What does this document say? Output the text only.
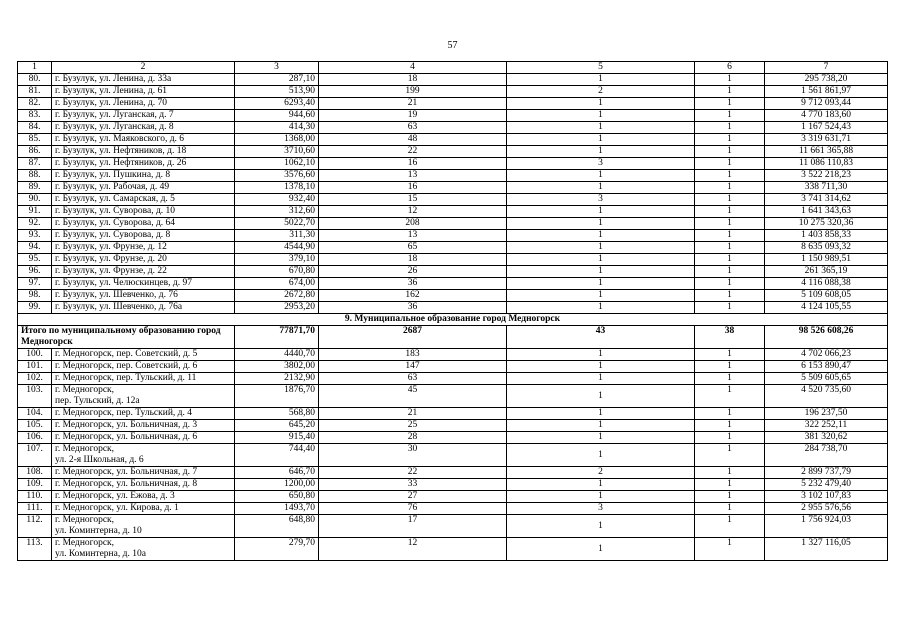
57
1	2	3	4	5	6	7
80.	г. Бузулук, ул. Ленина, д. 33а	287,10	18	1	1	295 738,20
81.	г. Бузулук, ул. Ленина, д. 61	513,90	199	2	1	1 561 861,97
82.	г. Бузулук, ул. Ленина, д. 70	6293,40	21	1	1	9 712 093,44
83.	г. Бузулук, ул. Луганская, д. 7	944,60	19	1	1	4 770 183,60
84.	г. Бузулук, ул. Луганская, д. 8	414,30	63	1	1	1 167 524,43
85.	г. Бузулук, ул. Маяковского, д. 6	1368,00	48	1	1	3 319 631,71
86.	г. Бузулук, ул. Нефтяников, д. 18	3710,60	22	1	1	11 661 365,88
87.	г. Бузулук, ул. Нефтяников, д. 26	1062,10	16	3	1	11 086 110,83
88.	г. Бузулук, ул. Пушкина, д. 8	3576,60	13	1	1	3 522 218,23
89.	г. Бузулук, ул. Рабочая, д. 49	1378,10	16	1	1	338 711,30
90.	г. Бузулук, ул. Самарская, д. 5	932,40	15	3	1	3 741 314,62
91.	г. Бузулук, ул. Суворова, д. 10	312,60	12	1	1	1 641 343,63
92.	г. Бузулук, ул. Суворова, д. 64	5022,70	208	1	1	10 275 320,36
93.	г. Бузулук, ул. Суворова, д. 8	311,30	13	1	1	1 403 858,33
94.	г. Бузулук, ул. Фрунзе, д. 12	4544,90	65	1	1	8 635 093,32
95.	г. Бузулук, ул. Фрунзе, д. 20	379,10	18	1	1	1 150 989,51
96.	г. Бузулук, ул. Фрунзе, д. 22	670,80	26	1	1	261 365,19
97.	г. Бузулук, ул. Челюскинцев, д. 97	674,00	36	1	1	4 116 088,38
98.	г. Бузулук, ул. Шевченко, д. 76	2672,80	162	1	1	5 109 608,05
99.	г. Бузулук, ул. Шевченко, д. 76а	2953,20	36	1	1	4 124 105,55
9. Муниципальное образование город Медногорск						
Итого по муниципальному образованию город Медногорск		77871,70	2687	43	38	98 526 608,26
100.	г. Медногорск, пер. Советский, д. 5	4440,70	183	1	1	4 702 066,23
101.	г. Медногорск, пер. Советский, д. 6	3802,00	147	1	1	6 153 890,47
102.	г. Медногорск, пер. Тульский, д. 11	2132,90	63	1	1	5 509 605,65
103.	г. Медногорск,
пер. Тульский, д. 12а	1876,70	45	1	1	4 520 735,60
104.	г. Медногорск, пер. Тульский, д. 4	568,80	21	1	1	196 237,50
105.	г. Медногорск, ул. Больничная, д. 3	645,20	25	1	1	322 252,11
106.	г. Медногорск, ул. Больничная, д. 6	915,40	28	1	1	381 320,62
107.	г. Медногорск,
ул. 2-я Школьная, д. 6	744,40	30	1	1	284 738,70
108.	г. Медногорск, ул. Больничная, д. 7	646,70	22	2	1	2 899 737,79
109.	г. Медногорск, ул. Больничная, д. 8	1200,00	33	1	1	5 232 479,40
110.	г. Медногорск, ул. Ежова, д. 3	650,80	27	1	1	3 102 107,83
111.	г. Медногорск, ул. Кирова, д. 1	1493,70	76	3	1	2 955 576,56
112.	г. Медногорск,
ул. Коминтерна, д. 10	648,80	17	1	1	1 756 924,03
113.	г. Медногорск,
ул. Коминтерна, д. 10а	279,70	12	1	1	1 327 116,05
